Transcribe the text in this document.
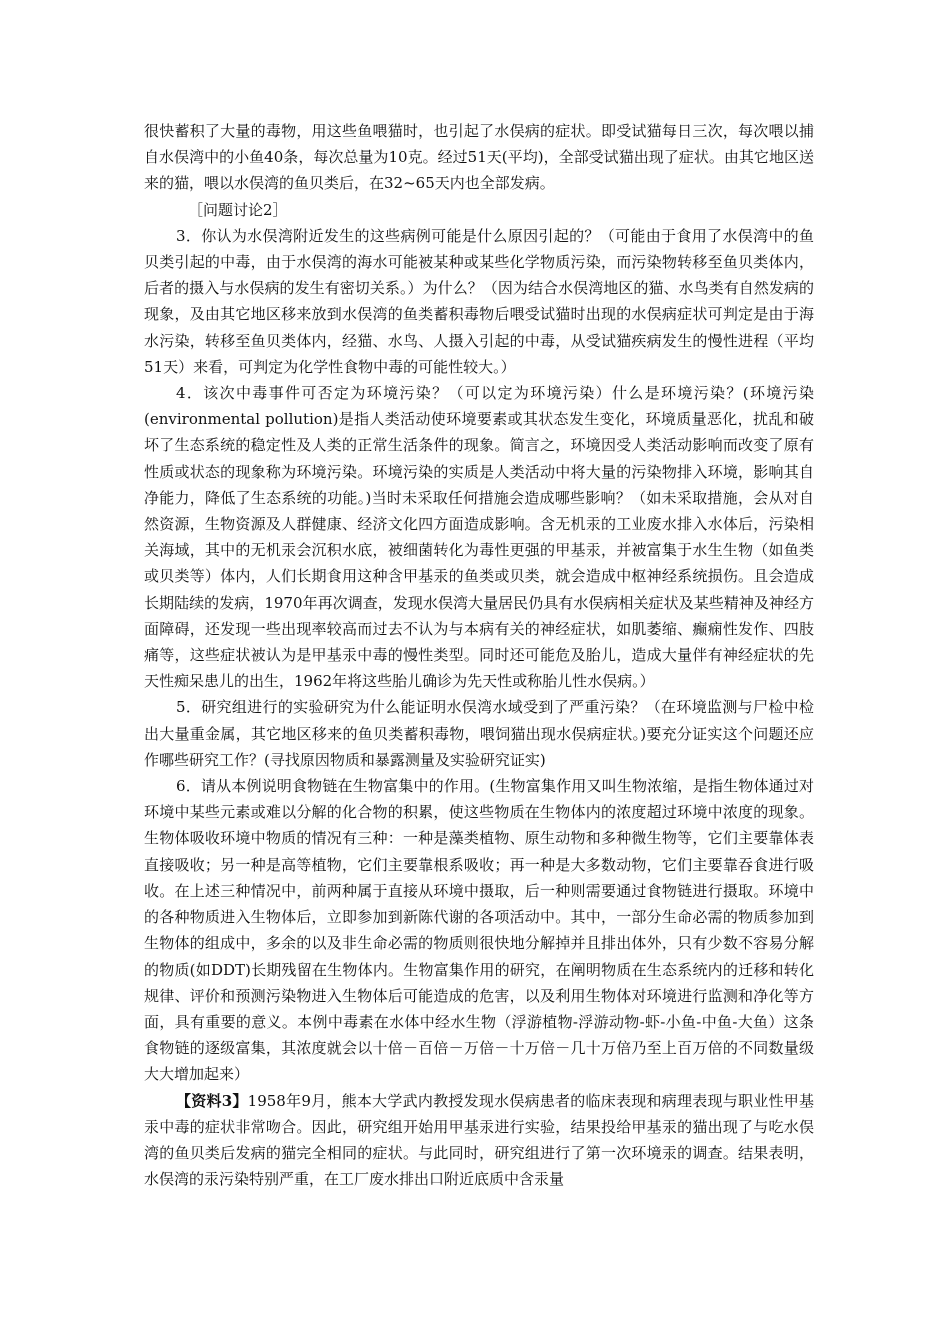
很快蓄积了大量的毒物，用这些鱼喂猫时，也引起了水俣病的症状。即受试猫每日三次，每次喂以捕自水俣湾中的小鱼40条，每次总量为10克。经过51天(平均)，全部受试猫出现了症状。由其它地区送来的猫，喂以水俣湾的鱼贝类后，在32~65天内也全部发病。

［问题讨论2］

3．你认为水俣湾附近发生的这些病例可能是什么原因引起的？（可能由于食用了水俣湾中的鱼贝类引起的中毒，由于水俣湾的海水可能被某种或某些化学物质污染，而污染物转移至鱼贝类体内，后者的摄入与水俣病的发生有密切关系。）为什么？（因为结合水俣湾地区的猫、水鸟类有自然发病的现象，及由其它地区移来放到水俣湾的鱼类蓄积毒物后喂受试猫时出现的水俣病症状可判定是由于海水污染，转移至鱼贝类体内，经猫、水鸟、人摄入引起的中毒，从受试猫疾病发生的慢性进程（平均51天）来看，可判定为化学性食物中毒的可能性较大。）

4．该次中毒事件可否定为环境污染？（可以定为环境污染）什么是环境污染？(环境污染(environmental pollution)是指人类活动使环境要素或其状态发生变化，环境质量恶化，扰乱和破坏了生态系统的稳定性及人类的正常生活条件的现象。简言之，环境因受人类活动影响而改变了原有性质或状态的现象称为环境污染。环境污染的实质是人类活动中将大量的污染物排入环境，影响其自净能力，降低了生态系统的功能。)当时未采取任何措施会造成哪些影响？（如未采取措施，会从对自然资源，生物资源及人群健康、经济文化四方面造成影响。含无机汞的工业废水排入水体后，污染相关海域，其中的无机汞会沉积水底，被细菌转化为毒性更强的甲基汞，并被富集于水生生物（如鱼类或贝类等）体内，人们长期食用这种含甲基汞的鱼类或贝类，就会造成中枢神经系统损伤。且会造成长期陆续的发病，1970年再次调查，发现水俣湾大量居民仍具有水俣病相关症状及某些精神及神经方面障碍，还发现一些出现率较高而过去不认为与本病有关的神经症状，如肌萎缩、癫痫性发作、四肢痛等，这些症状被认为是甲基汞中毒的慢性类型。同时还可能危及胎儿，造成大量伴有神经症状的先天性痴呆患儿的出生，1962年将这些胎儿确诊为先天性或称胎儿性水俣病。）

5．研究组进行的实验研究为什么能证明水俣湾水域受到了严重污染？（在环境监测与尸检中检出大量重金属，其它地区移来的鱼贝类蓄积毒物，喂饲猫出现水俣病症状。)要充分证实这个问题还应作哪些研究工作？(寻找原因物质和暴露测量及实验研究证实)

6．请从本例说明食物链在生物富集中的作用。(生物富集作用又叫生物浓缩，是指生物体通过对环境中某些元素或难以分解的化合物的积累，使这些物质在生物体内的浓度超过环境中浓度的现象。生物体吸收环境中物质的情况有三种：一种是藻类植物、原生动物和多种微生物等，它们主要靠体表直接吸收；另一种是高等植物，它们主要靠根系吸收；再一种是大多数动物，它们主要靠吞食进行吸收。在上述三种情况中，前两种属于直接从环境中摄取，后一种则需要通过食物链进行摄取。环境中的各种物质进入生物体后，立即参加到新陈代谢的各项活动中。其中，一部分生命必需的物质参加到生物体的组成中，多余的以及非生命必需的物质则很快地分解掉并且排出体外，只有少数不容易分解的物质(如DDT)长期残留在生物体内。生物富集作用的研究，在阐明物质在生态系统内的迁移和转化规律、评价和预测污染物进入生物体后可能造成的危害，以及利用生物体对环境进行监测和净化等方面，具有重要的意义。本例中毒素在水体中经水生物（浮游植物-浮游动物-虾-小鱼-中鱼-大鱼）这条食物链的逐级富集，其浓度就会以十倍－百倍－万倍－十万倍－几十万倍乃至上百万倍的不同数量级大大增加起来）

【资料3】1958年9月，熊本大学武内教授发现水俣病患者的临床表现和病理表现与职业性甲基汞中毒的症状非常吻合。因此，研究组开始用甲基汞进行实验，结果投给甲基汞的猫出现了与吃水俣湾的鱼贝类后发病的猫完全相同的症状。与此同时，研究组进行了第一次环境汞的调查。结果表明，水俣湾的汞污染特别严重，在工厂废水排出口附近底质中含汞量
